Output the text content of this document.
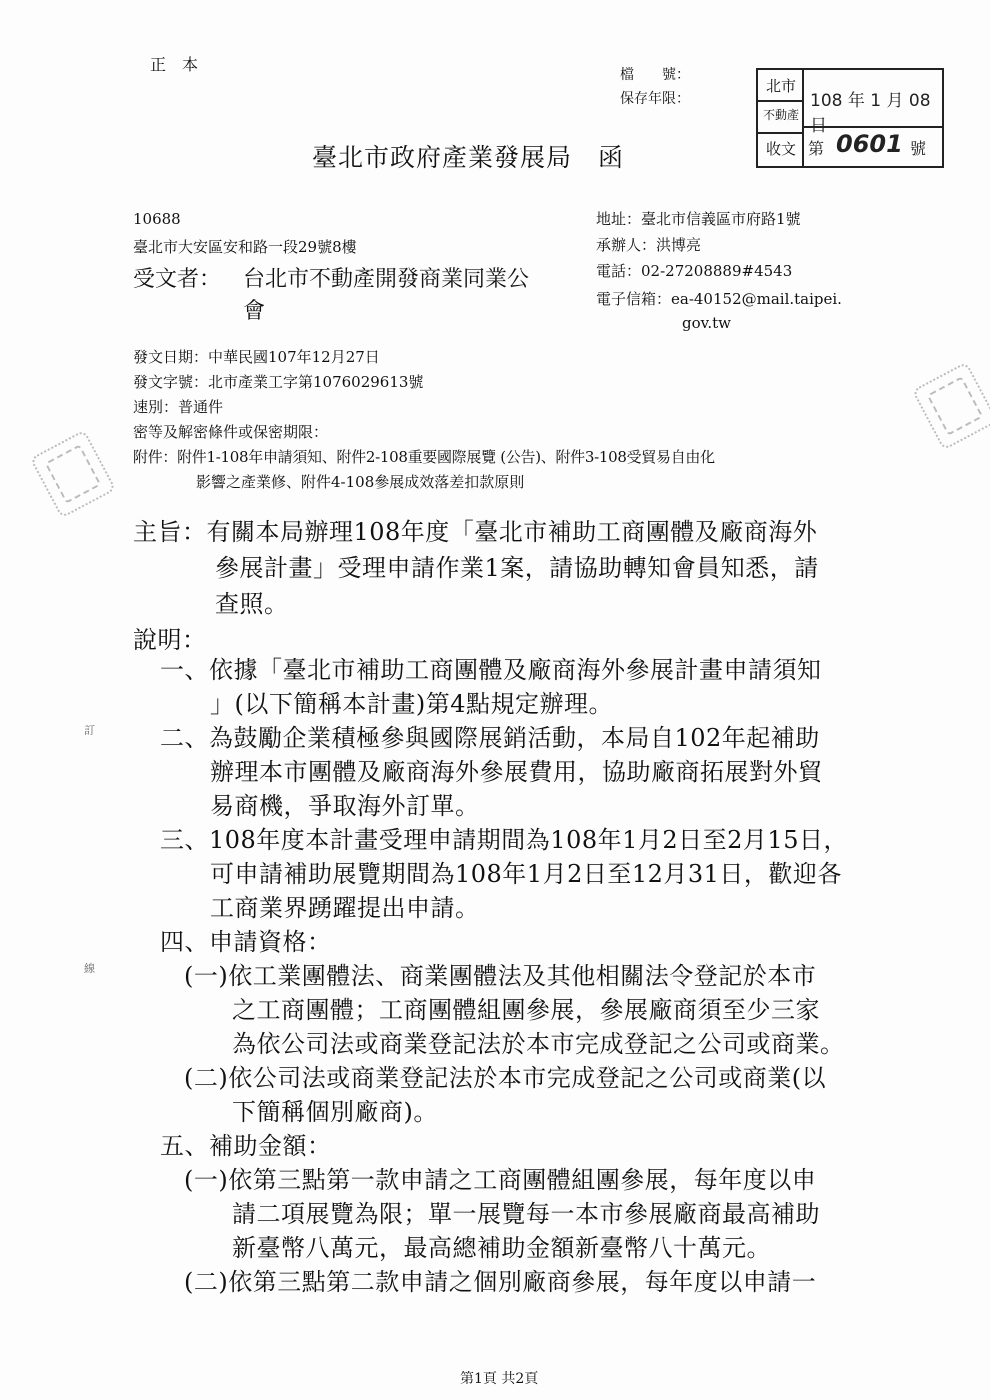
正　本
檔　　號：
保存年限：
北市
不動產
收文
108 年 1 月 08 日
第 0601 號
臺北市政府產業發展局　函
10688
臺北市大安區安和路一段29號8樓
受文者： 台北市不動產開發商業同業公
會
地址：臺北市信義區市府路1號
承辦人：洪博亮
電話：02-27208889#4543
電子信箱：ea-40152@mail.taipei.
gov.tw
發文日期：中華民國107年12月27日
發文字號：北市產業工字第1076029613號
速別：普通件
密等及解密條件或保密期限：
附件：附件1-108年申請須知、附件2-108重要國際展覽 (公告)、附件3-108受貿易自由化
影響之產業修、附件4-108參展成效落差扣款原則
主旨：有關本局辦理108年度「臺北市補助工商團體及廠商海外
參展計畫」受理申請作業1案，請協助轉知會員知悉，請
查照。
說明：
一、依據「臺北市補助工商團體及廠商海外參展計畫申請須知
」(以下簡稱本計畫)第4點規定辦理。
二、為鼓勵企業積極參與國際展銷活動，本局自102年起補助
辦理本市團體及廠商海外參展費用，協助廠商拓展對外貿
易商機，爭取海外訂單。
三、108年度本計畫受理申請期間為108年1月2日至2月15日，
可申請補助展覽期間為108年1月2日至12月31日，歡迎各
工商業界踴躍提出申請。
四、申請資格：
(一)依工業團體法、商業團體法及其他相關法令登記於本市
之工商團體；工商團體組團參展，參展廠商須至少三家
為依公司法或商業登記法於本市完成登記之公司或商業。
(二)依公司法或商業登記法於本市完成登記之公司或商業(以
下簡稱個別廠商)。
五、補助金額：
(一)依第三點第一款申請之工商團體組團參展，每年度以申
請二項展覽為限；單一展覽每一本市參展廠商最高補助
新臺幣八萬元，最高總補助金額新臺幣八十萬元。
(二)依第三點第二款申請之個別廠商參展，每年度以申請一
訂
線
第1頁 共2頁
